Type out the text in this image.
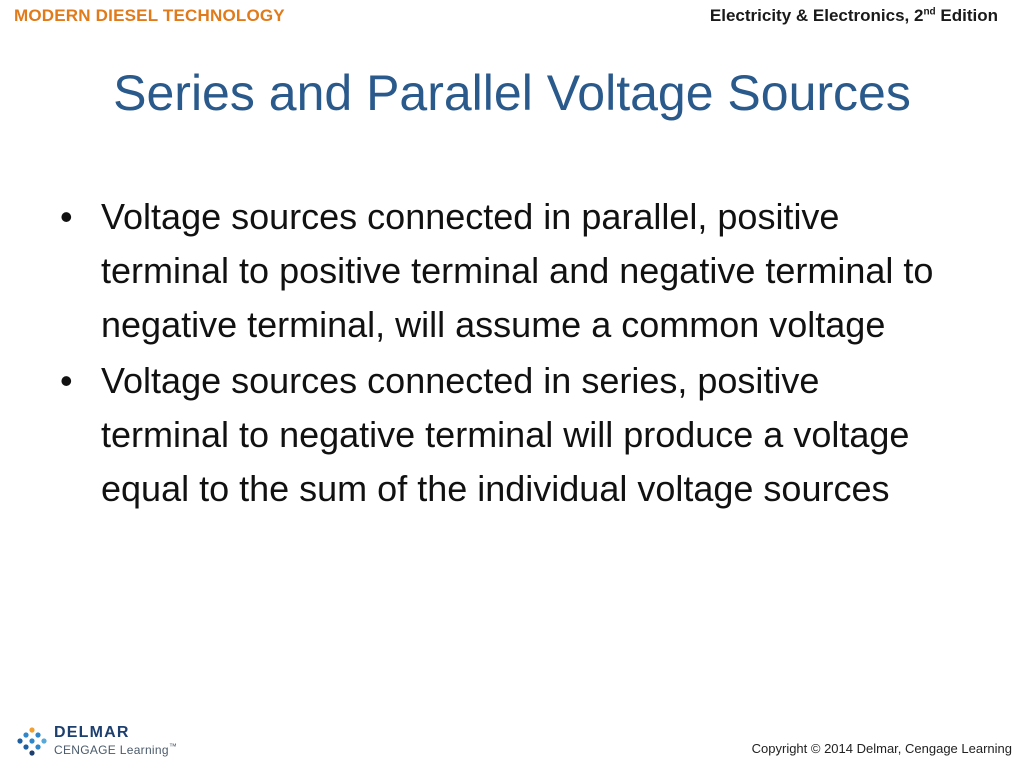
MODERN DIESEL TECHNOLOGY	Electricity & Electronics, 2nd Edition
Series and Parallel Voltage Sources
• Voltage sources connected in parallel, positive terminal to positive terminal and negative terminal to negative terminal, will assume a common voltage
• Voltage sources connected in series, positive terminal to negative terminal will produce a voltage equal to the sum of the individual voltage sources
DELMAR
CENGAGE Learning™	Copyright © 2014 Delmar, Cengage Learning
